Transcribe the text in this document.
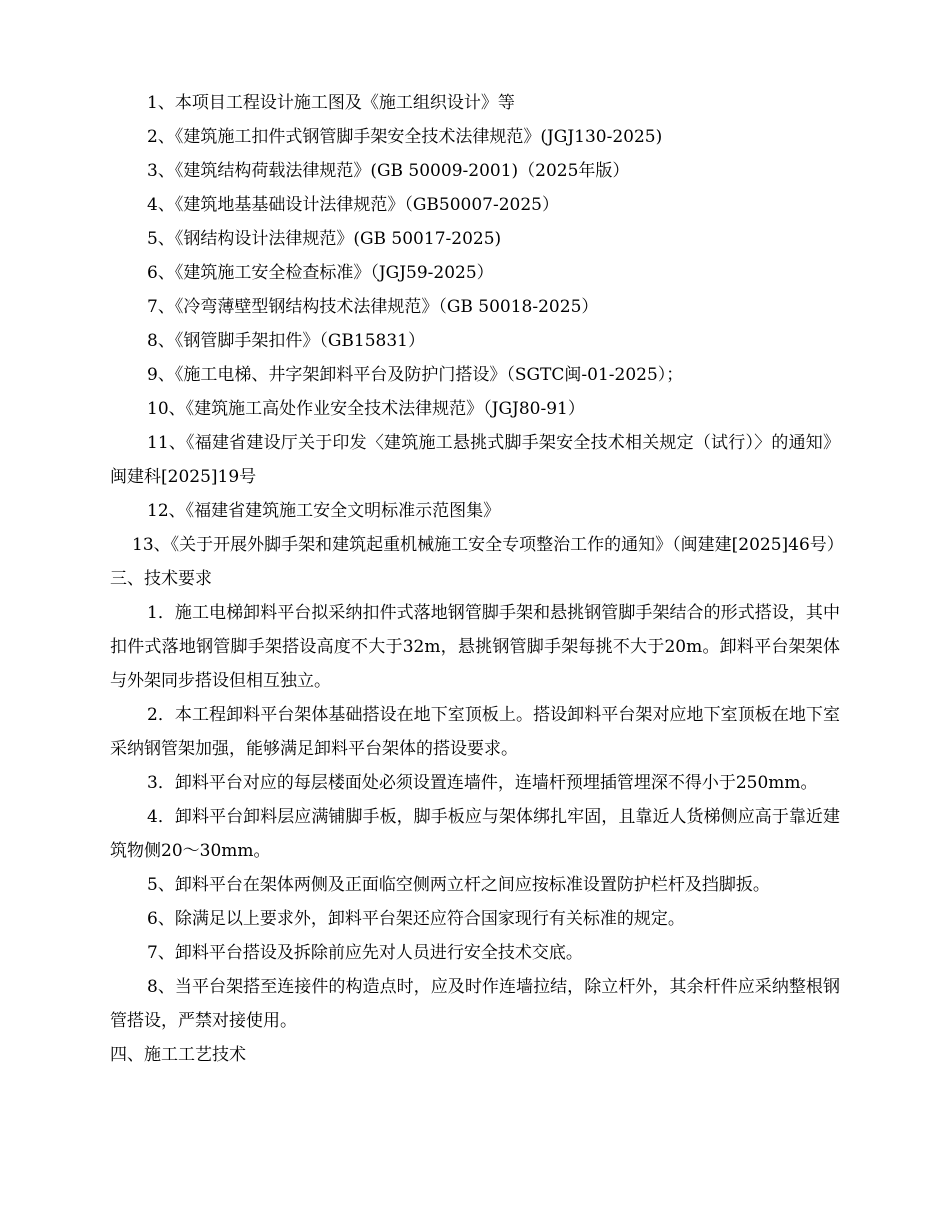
1、本项目工程设计施工图及《施工组织设计》等

2、《建筑施工扣件式钢管脚手架安全技术法律规范》(JGJ130-2025)

3、《建筑结构荷载法律规范》(GB 50009-2001)（2025年版）

4、《建筑地基基础设计法律规范》（GB50007-2025）

5、《钢结构设计法律规范》(GB 50017-2025)

6、《建筑施工安全检查标准》（JGJ59-2025）

7、《冷弯薄壁型钢结构技术法律规范》（GB 50018-2025）

8、《钢管脚手架扣件》（GB15831）

9、《施工电梯、井字架卸料平台及防护门搭设》（SGTC闽-01-2025）；

10、《建筑施工高处作业安全技术法律规范》（JGJ80-91）

11、《福建省建设厅关于印发〈建筑施工悬挑式脚手架安全技术相关规定（试行）〉的通知》闽建科[2025]19号

12、《福建省建筑施工安全文明标准示范图集》

13、《关于开展外脚手架和建筑起重机械施工安全专项整治工作的通知》（闽建建[2025]46号）

三、技术要求

1．施工电梯卸料平台拟采纳扣件式落地钢管脚手架和悬挑钢管脚手架结合的形式搭设，其中扣件式落地钢管脚手架搭设高度不大于32m，悬挑钢管脚手架每挑不大于20m。卸料平台架架体与外架同步搭设但相互独立。

2．本工程卸料平台架体基础搭设在地下室顶板上。搭设卸料平台架对应地下室顶板在地下室采纳钢管架加强，能够满足卸料平台架体的搭设要求。

3．卸料平台对应的每层楼面处必须设置连墙件，连墙杆预埋插管埋深不得小于250mm。

4．卸料平台卸料层应满铺脚手板，脚手板应与架体绑扎牢固，且靠近人货梯侧应高于靠近建筑物侧20～30mm。

5、卸料平台在架体两侧及正面临空侧两立杆之间应按标准设置防护栏杆及挡脚扳。

6、除满足以上要求外，卸料平台架还应符合国家现行有关标准的规定。

7、卸料平台搭设及拆除前应先对人员进行安全技术交底。

8、当平台架搭至连接件的构造点时，应及时作连墙拉结，除立杆外，其余杆件应采纳整根钢管搭设，严禁对接使用。

四、施工工艺技术
